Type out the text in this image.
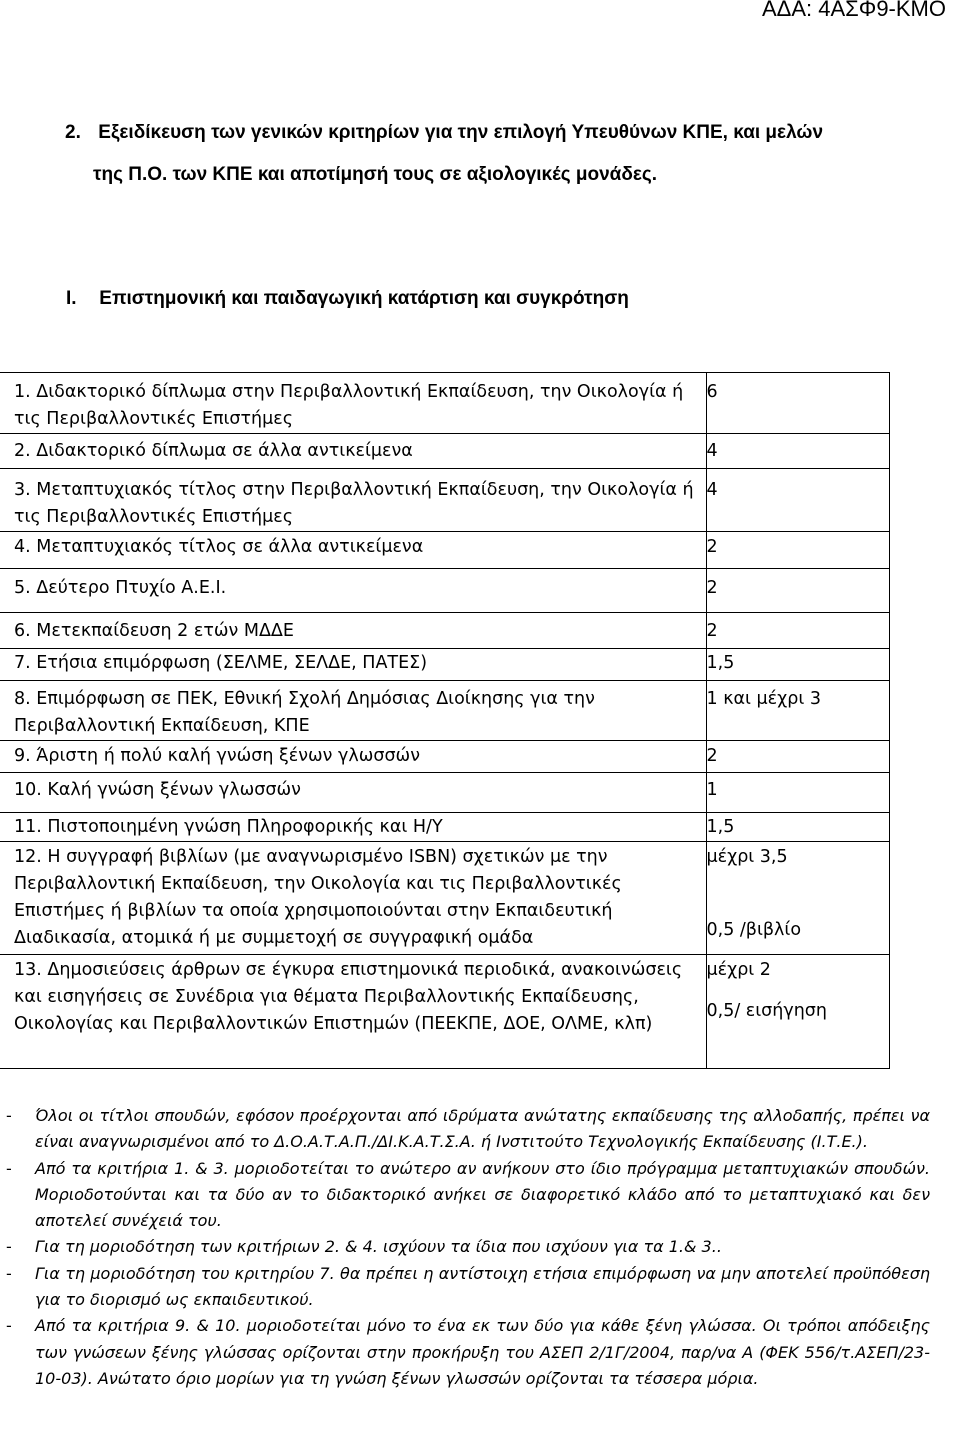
ΑΔΑ: 4ΑΣΦ9-ΚΜΟ
2. Εξειδίκευση των γενικών κριτηρίων για την επιλογή Υπευθύνων ΚΠΕ, και μελών της Π.Ο. των ΚΠΕ και αποτίμησή τους σε αξιολογικές μονάδες.
I. Επιστημονική και παιδαγωγική κατάρτιση και συγκρότηση
1. Διδακτορικό δίπλωμα στην Περιβαλλοντική Εκπαίδευση, την Οικολογία ή τις Περιβαλλοντικές Επιστήμες	6

2. Διδακτορικό δίπλωμα σε άλλα αντικείμενα	4

3. Μεταπτυχιακός τίτλος στην Περιβαλλοντική Εκπαίδευση, την Οικολογία ή τις Περιβαλλοντικές Επιστήμες	4

4. Μεταπτυχιακός τίτλος σε άλλα αντικείμενα	2

5. Δεύτερο Πτυχίο Α.Ε.Ι.	2

6. Μετεκπαίδευση 2 ετών ΜΔΔΕ	2

7. Ετήσια επιμόρφωση (ΣΕΛΜΕ, ΣΕΛΔΕ, ΠΑΤΕΣ)	1,5

8. Επιμόρφωση σε ΠΕΚ, Εθνική Σχολή Δημόσιας Διοίκησης για την Περιβαλλοντική Εκπαίδευση, ΚΠΕ	1 και μέχρι 3

9. Άριστη ή πολύ καλή γνώση ξένων γλωσσών	2

10. Καλή γνώση ξένων γλωσσών	1

11. Πιστοποιημένη γνώση Πληροφορικής και Η/Υ	1,5

12. Η συγγραφή βιβλίων (με αναγνωρισμένο ISBN) σχετικών με την Περιβαλλοντική Εκπαίδευση, την Οικολογία και τις Περιβαλλοντικές Επιστήμες ή βιβλίων τα οποία χρησιμοποιούνται στην Εκπαιδευτική Διαδικασία, ατομικά ή με συμμετοχή σε συγγραφική ομάδα	μέχρι 3,5
0,5 /βιβλίο

13. Δημοσιεύσεις άρθρων σε έγκυρα επιστημονικά περιοδικά, ανακοινώσεις και εισηγήσεις σε Συνέδρια για θέματα Περιβαλλοντικής Εκπαίδευσης, Οικολογίας και Περιβαλλοντικών Επιστημών (ΠΕΕΚΠΕ, ΔΟΕ, ΟΛΜΕ, κλπ)	μέχρι 2
0,5/ εισήγηση
- Όλοι οι τίτλοι σπουδών, εφόσον προέρχονται από ιδρύματα ανώτατης εκπαίδευσης της αλλοδαπής, πρέπει να είναι αναγνωρισμένοι από το Δ.Ο.Α.Τ.Α.Π./ΔΙ.Κ.Α.Τ.Σ.Α. ή Ινστιτούτο Τεχνολογικής Εκπαίδευσης (Ι.Τ.Ε.).
- Από τα κριτήρια 1. & 3. μοριοδοτείται το ανώτερο αν ανήκουν στο ίδιο πρόγραμμα μεταπτυχιακών σπουδών. Μοριοδοτούνται και τα δύο αν το διδακτορικό ανήκει σε διαφορετικό κλάδο από το μεταπτυχιακό και δεν αποτελεί συνέχειά του.
- Για τη μοριοδότηση των κριτήριων 2. & 4. ισχύουν τα ίδια που ισχύουν για τα 1.& 3..
- Για τη μοριοδότηση του κριτηρίου 7. θα πρέπει η αντίστοιχη ετήσια επιμόρφωση να μην αποτελεί προϋπόθεση για το διορισμό ως εκπαιδευτικού.
- Από τα κριτήρια 9. & 10. μοριοδοτείται μόνο το ένα εκ των δύο για κάθε ξένη γλώσσα. Οι τρόποι απόδειξης των γνώσεων ξένης γλώσσας ορίζονται στην προκήρυξη του ΑΣΕΠ 2/1Γ/2004, παρ/να Α (ΦΕΚ 556/τ.ΑΣΕΠ/23-10-03). Ανώτατο όριο μορίων για τη γνώση ξένων γλωσσών ορίζονται τα τέσσερα μόρια.
